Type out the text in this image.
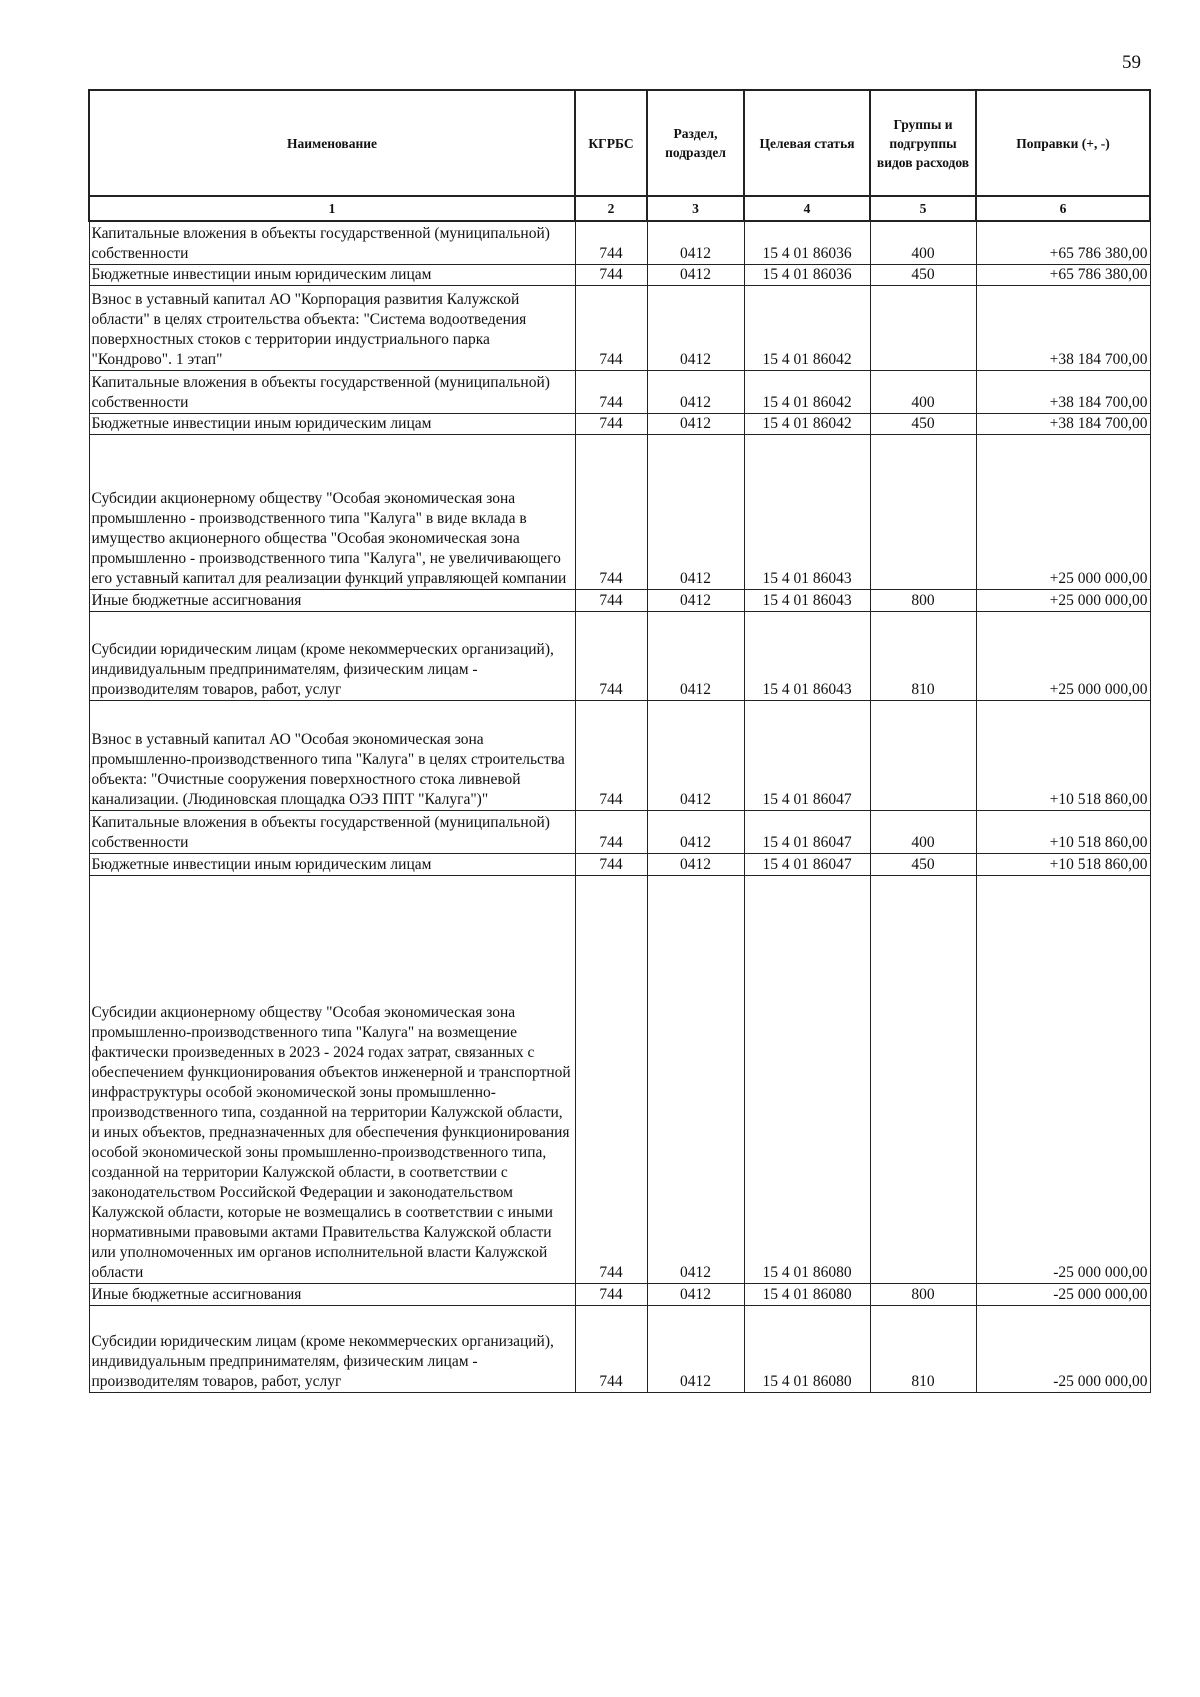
59
Наименование	КГРБС	Раздел, подраздел	Целевая статья	Группы и подгруппы видов расходов	Поправки (+, -)
1	2	3	4	5	6
Капитальные вложения в объекты государственной (муниципальной) собственности	744	0412	15 4 01 86036	400	+65 786 380,00
Бюджетные инвестиции иным юридическим лицам	744	0412	15 4 01 86036	450	+65 786 380,00
Взнос в уставный капитал АО "Корпорация развития Калужской области" в целях строительства объекта: "Система водоотведения поверхностных стоков с территории индустриального парка "Кондрово". 1 этап"	744	0412	15 4 01 86042		+38 184 700,00
Капитальные вложения в объекты государственной (муниципальной) собственности	744	0412	15 4 01 86042	400	+38 184 700,00
Бюджетные инвестиции иным юридическим лицам	744	0412	15 4 01 86042	450	+38 184 700,00
Субсидии акционерному обществу "Особая экономическая зона промышленно - производственного типа "Калуга" в виде вклада в имущество акционерного общества "Особая экономическая зона промышленно - производственного типа "Калуга", не увеличивающего его уставный капитал для реализации функций управляющей компании	744	0412	15 4 01 86043		+25 000 000,00
Иные бюджетные ассигнования	744	0412	15 4 01 86043	800	+25 000 000,00
Субсидии юридическим лицам (кроме некоммерческих организаций), индивидуальным предпринимателям, физическим лицам - производителям товаров, работ, услуг	744	0412	15 4 01 86043	810	+25 000 000,00
Взнос в уставный капитал АО "Особая экономическая зона промышленно-производственного типа "Калуга" в целях строительства объекта: "Очистные сооружения поверхностного стока ливневой канализации. (Людиновская площадка ОЭЗ ППТ "Калуга")"	744	0412	15 4 01 86047		+10 518 860,00
Капитальные вложения в объекты государственной (муниципальной) собственности	744	0412	15 4 01 86047	400	+10 518 860,00
Бюджетные инвестиции иным юридическим лицам	744	0412	15 4 01 86047	450	+10 518 860,00
Субсидии акционерному обществу "Особая экономическая зона промышленно-производственного типа "Калуга" на возмещение фактически произведенных в 2023 - 2024 годах затрат, связанных с обеспечением функционирования объектов инженерной и транспортной инфраструктуры особой экономической зоны промышленно-производственного типа, созданной на территории Калужской области, и иных объектов, предназначенных для обеспечения функционирования особой экономической зоны промышленно-производственного типа, созданной на территории Калужской области, в соответствии с законодательством Российской Федерации и законодательством Калужской области, которые не возмещались в соответствии с иными нормативными правовыми актами Правительства Калужской области или уполномоченных им органов исполнительной власти Калужской области	744	0412	15 4 01 86080		-25 000 000,00
Иные бюджетные ассигнования	744	0412	15 4 01 86080	800	-25 000 000,00
Субсидии юридическим лицам (кроме некоммерческих организаций), индивидуальным предпринимателям, физическим лицам - производителям товаров, работ, услуг	744	0412	15 4 01 86080	810	-25 000 000,00
